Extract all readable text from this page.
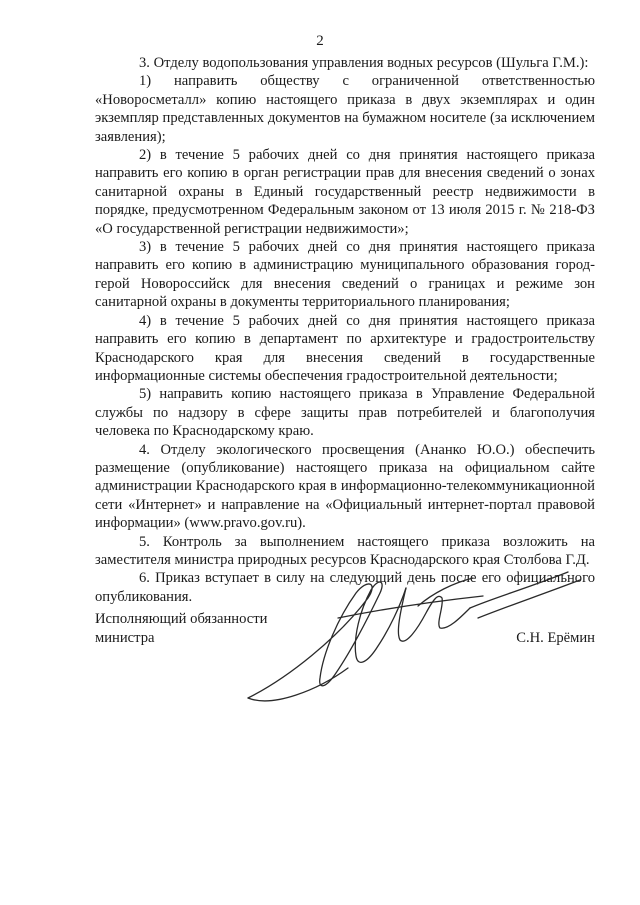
2

3. Отделу водопользования управления водных ресурсов (Шульга Г.М.):

1) направить обществу с ограниченной ответственностью «Новоросметалл» копию настоящего приказа в двух экземплярах и один экземпляр представленных документов на бумажном носителе (за исключением заявления);

2) в течение 5 рабочих дней со дня принятия настоящего приказа направить его копию в орган регистрации прав для внесения сведений о зонах санитарной охраны в Единый государственный реестр недвижимости в порядке, предусмотренном Федеральным законом от 13 июля 2015 г. № 218-ФЗ «О государственной регистрации недвижимости»;

3) в течение 5 рабочих дней со дня принятия настоящего приказа направить его копию в администрацию муниципального образования город-герой Новороссийск для внесения сведений о границах и режиме зон санитарной охраны в документы территориального планирования;

4) в течение 5 рабочих дней со дня принятия настоящего приказа направить его копию в департамент по архитектуре и градостроительству Краснодарского края для внесения сведений в государственные информационные системы обеспечения градостроительной деятельности;

5) направить копию настоящего приказа в Управление Федеральной службы по надзору в сфере защиты прав потребителей и благополучия человека по Краснодарскому краю.

4. Отделу экологического просвещения (Ананко Ю.О.) обеспечить размещение (опубликование) настоящего приказа на официальном сайте администрации Краснодарского края в информационно-телекоммуникационной сети «Интернет» и направление на «Официальный интернет-портал правовой информации» (www.pravo.gov.ru).

5. Контроль за выполнением настоящего приказа возложить на заместителя министра природных ресурсов Краснодарского края Столбова Г.Д.

6. Приказ вступает в силу на следующий день после его официального опубликования.

Исполняющий обязанности
министра	С.Н. Ерёмин
